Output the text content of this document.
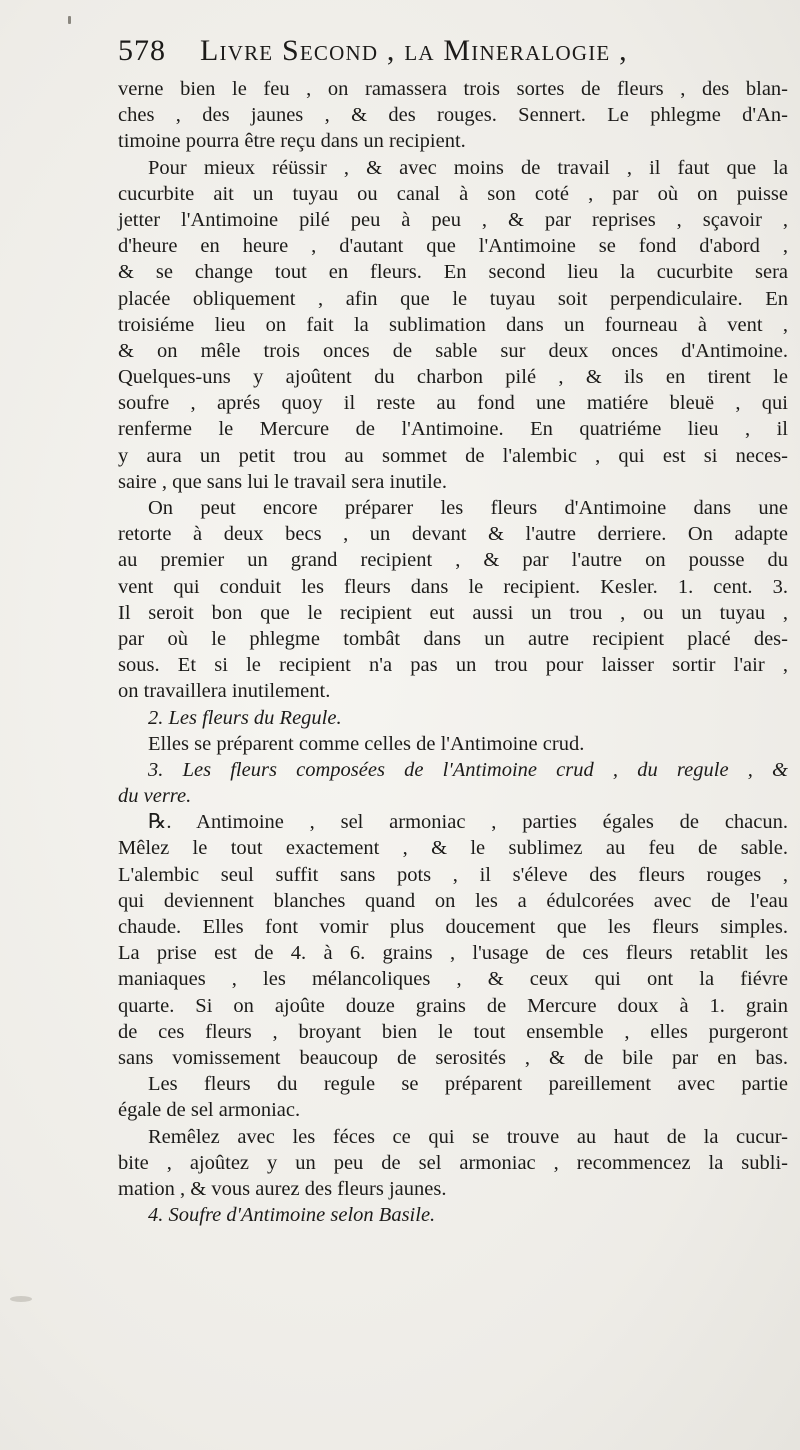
578 Livre Second , la Mineralogie ,
verne bien le feu , on ramassera trois sortes de fleurs , des blan-
ches , des jaunes , & des rouges. Sennert. Le phlegme d'An-
timoine pourra être reçu dans un recipient.
Pour mieux réüssir , & avec moins de travail , il faut que la
cucurbite ait un tuyau ou canal à son coté , par où on puisse
jetter l'Antimoine pilé peu à peu , & par reprises , sçavoir ,
d'heure en heure , d'autant que l'Antimoine se fond d'abord ,
& se change tout en fleurs. En second lieu la cucurbite sera
placée obliquement , afin que le tuyau soit perpendiculaire. En
troisiéme lieu on fait la sublimation dans un fourneau à vent ,
& on mêle trois onces de sable sur deux onces d'Antimoine.
Quelques-uns y ajoûtent du charbon pilé , & ils en tirent le
soufre , aprés quoy il reste au fond une matiére bleuë , qui
renferme le Mercure de l'Antimoine. En quatriéme lieu , il
y aura un petit trou au sommet de l'alembic , qui est si neces-
saire , que sans lui le travail sera inutile.
On peut encore préparer les fleurs d'Antimoine dans une
retorte à deux becs , un devant & l'autre derriere. On adapte
au premier un grand recipient , & par l'autre on pousse du
vent qui conduit les fleurs dans le recipient. Kesler. 1. cent. 3.
Il seroit bon que le recipient eut aussi un trou , ou un tuyau ,
par où le phlegme tombât dans un autre recipient placé des-
sous. Et si le recipient n'a pas un trou pour laisser sortir l'air ,
on travaillera inutilement.
2. Les fleurs du Regule.
Elles se préparent comme celles de l'Antimoine crud.
3. Les fleurs composées de l'Antimoine crud , du regule , &
du verre.
℞. Antimoine , sel armoniac , parties égales de chacun.
Mêlez le tout exactement , & le sublimez au feu de sable.
L'alembic seul suffit sans pots , il s'éleve des fleurs rouges ,
qui deviennent blanches quand on les a édulcorées avec de l'eau
chaude. Elles font vomir plus doucement que les fleurs simples.
La prise est de 4. à 6. grains , l'usage de ces fleurs retablit les
maniaques , les mélancoliques , & ceux qui ont la fiévre
quarte. Si on ajoûte douze grains de Mercure doux à 1. grain
de ces fleurs , broyant bien le tout ensemble , elles purgeront
sans vomissement beaucoup de serosités , & de bile par en bas.
Les fleurs du regule se préparent pareillement avec partie
égale de sel armoniac.
Remêlez avec les féces ce qui se trouve au haut de la cucur-
bite , ajoûtez y un peu de sel armoniac , recommencez la subli-
mation , & vous aurez des fleurs jaunes.
4. Soufre d'Antimoine selon Basile.
